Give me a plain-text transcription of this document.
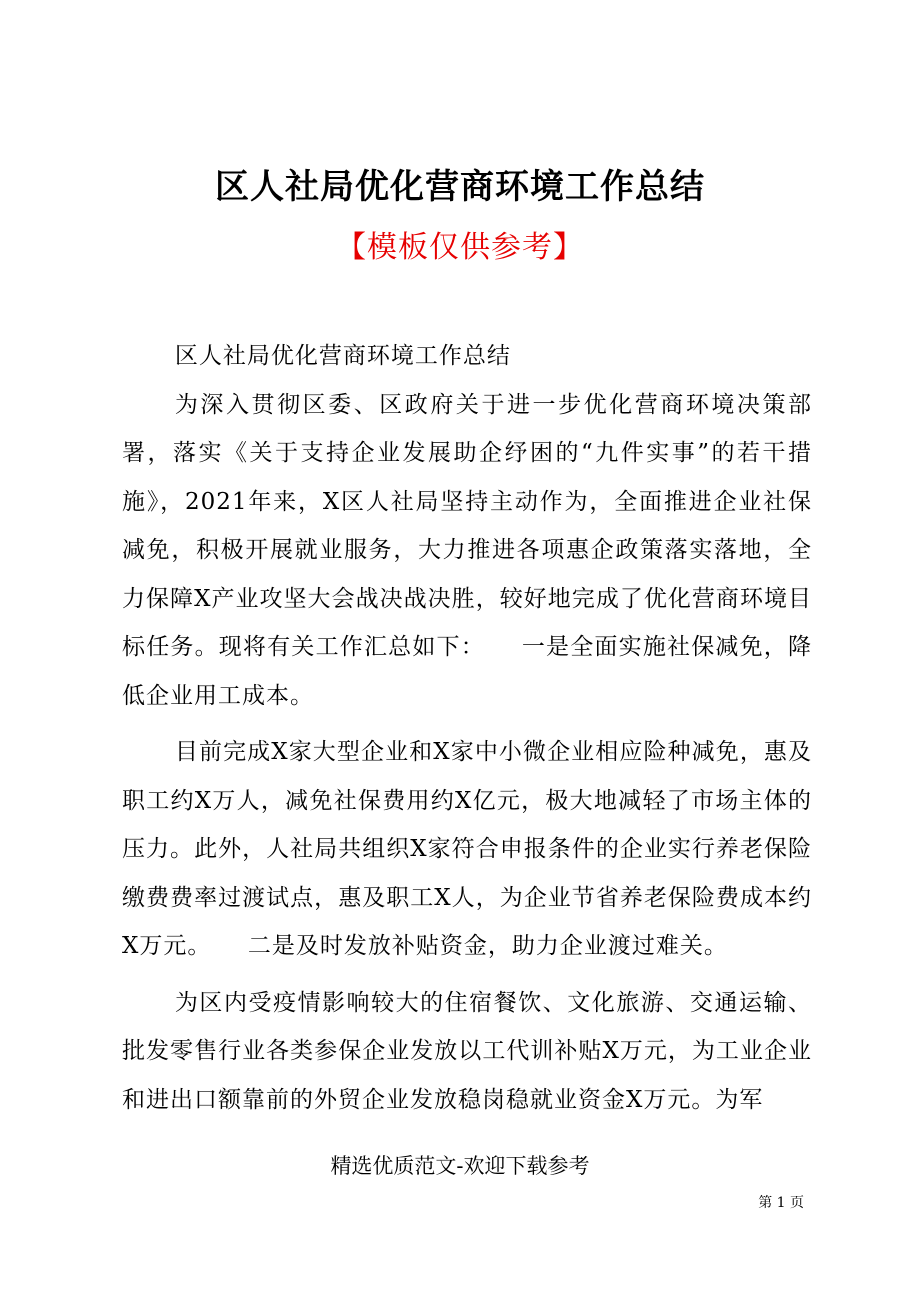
区人社局优化营商环境工作总结

【模板仅供参考】

区人社局优化营商环境工作总结

为深入贯彻区委、区政府关于进一步优化营商环境决策部署，落实《关于支持企业发展助企纾困的“九件实事”的若干措施》，2021年来，X区人社局坚持主动作为，全面推进企业社保减免，积极开展就业服务，大力推进各项惠企政策落实落地，全力保障X产业攻坚大会战决战决胜，较好地完成了优化营商环境目标任务。现将有关工作汇总如下：　　一是全面实施社保减免，降低企业用工成本。

目前完成X家大型企业和X家中小微企业相应险种减免，惠及职工约X万人，减免社保费用约X亿元，极大地减轻了市场主体的压力。此外，人社局共组织X家符合申报条件的企业实行养老保险缴费费率过渡试点，惠及职工X人，为企业节省养老保险费成本约X万元。　　二是及时发放补贴资金，助力企业渡过难关。

为区内受疫情影响较大的住宿餐饮、文化旅游、交通运输、批发零售行业各类参保企业发放以工代训补贴X万元，为工业企业和进出口额靠前的外贸企业发放稳岗稳就业资金X万元。为军

精选优质范文-欢迎下载参考

第 1 页
